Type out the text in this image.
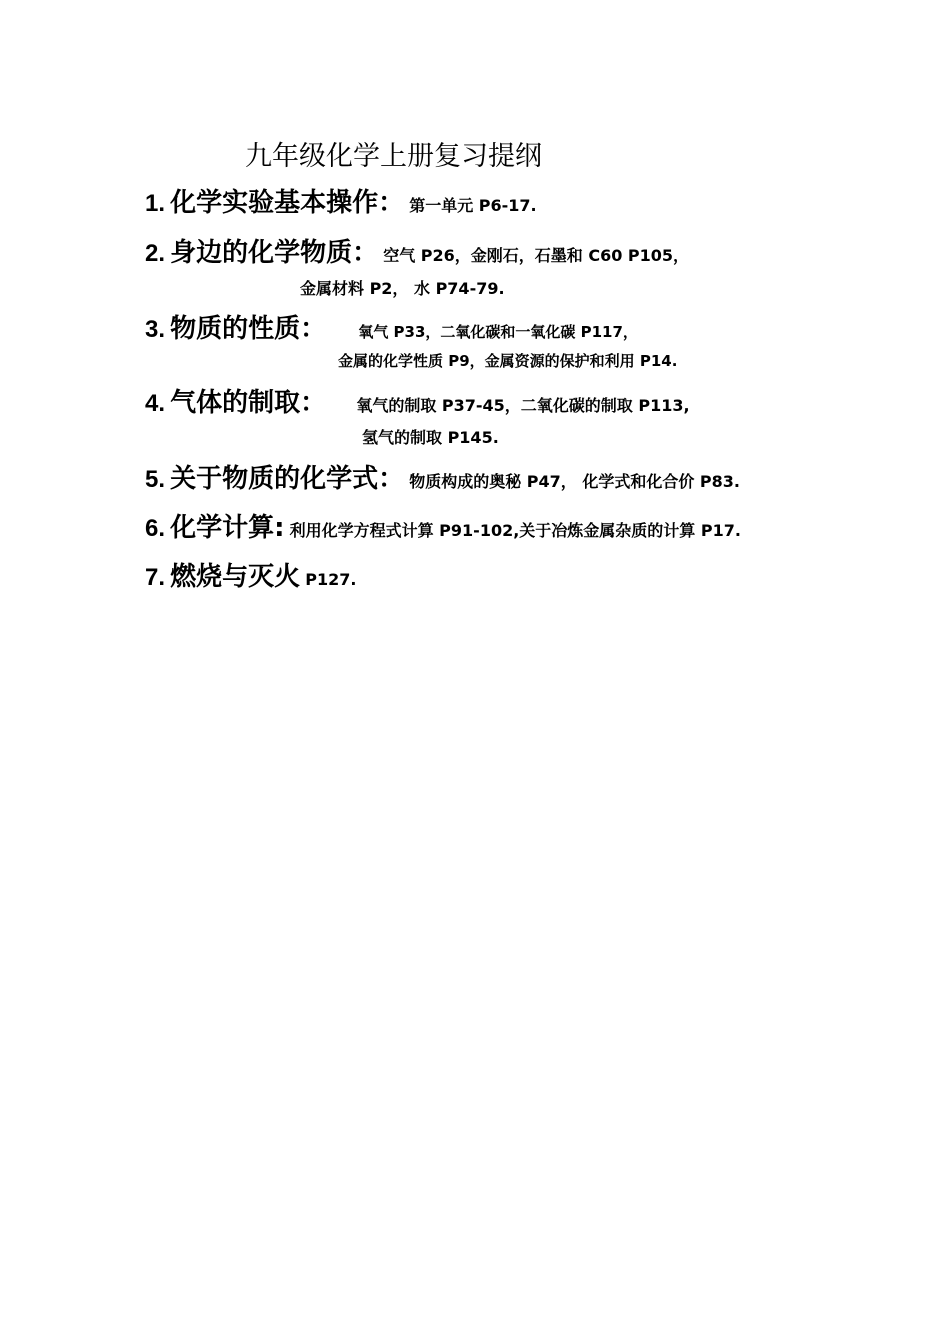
九年级化学上册复习提纲
1. 化学实验基本操作： 第一单元 P6-17.
2. 身边的化学物质： 空气 P26，金刚石，石墨和 C60 P105，
金属材料 P2， 水 P74-79.
3. 物质的性质： 氧气 P33，二氧化碳和一氧化碳 P117，
金属的化学性质 P9，金属资源的保护和利用 P14.
4. 气体的制取： 氧气的制取 P37-45，二氧化碳的制取 P113,
氢气的制取 P145.
5. 关于物质的化学式： 物质构成的奥秘 P47， 化学式和化合价 P83.
6. 化学计算: 利用化学方程式计算 P91-102,关于冶炼金属杂质的计算 P17.
7. 燃烧与灭火 P127.
